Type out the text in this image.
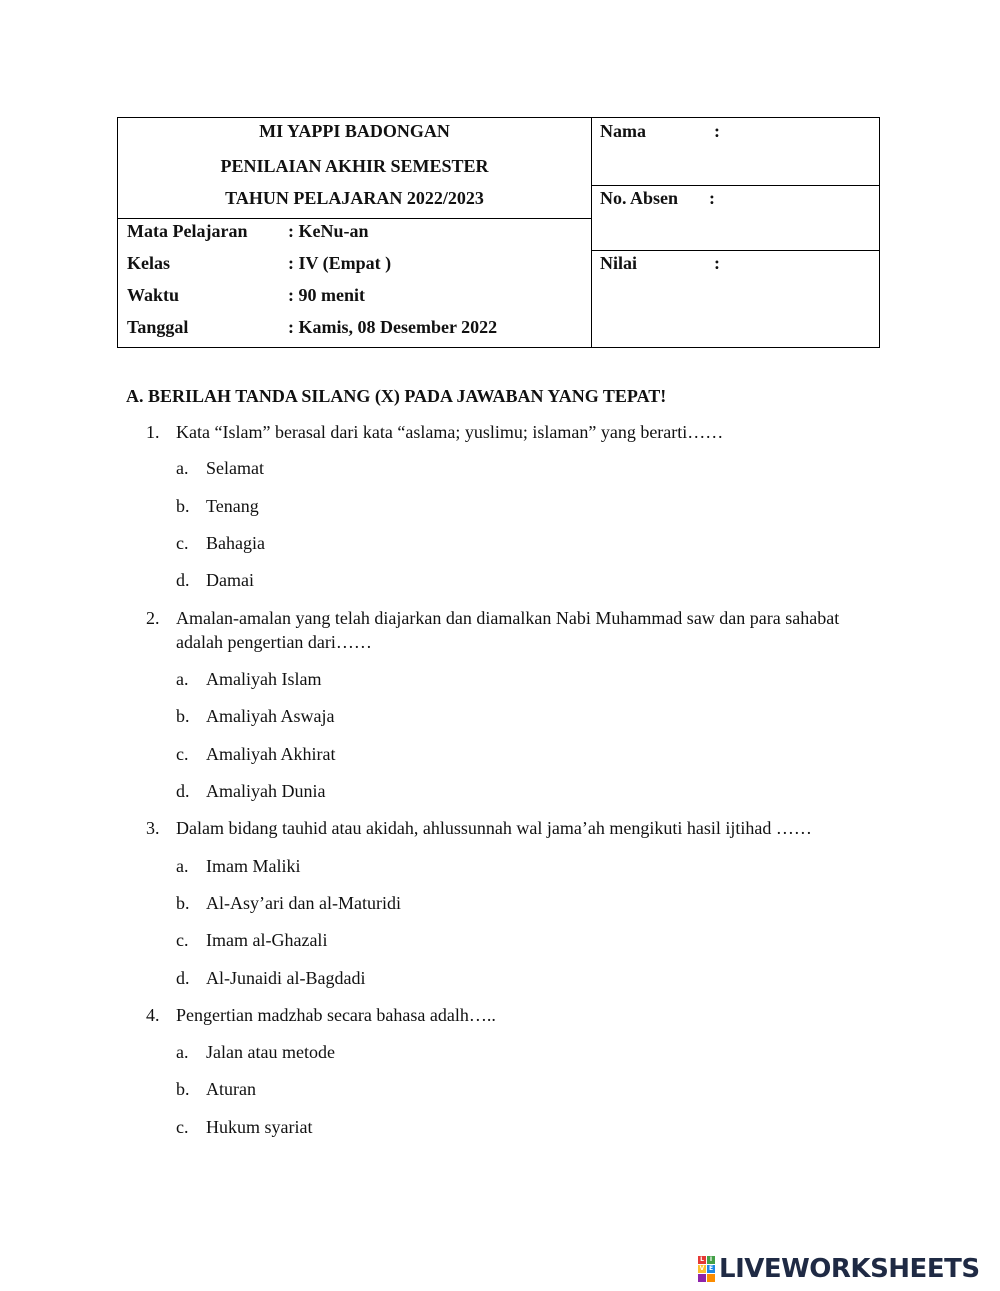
MI YAPPI BADONGAN
PENILAIAN AKHIR SEMESTER
TAHUN PELAJARAN 2022/2023
Mata Pelajaran : KeNu-an
Kelas	: IV (Empat )
Waktu	: 90 menit
Tanggal	: Kamis, 08 Desember 2022
Nama	:
No. Absen :
Nilai	:
A. BERILAH TANDA SILANG (X) PADA JAWABAN YANG TEPAT!
1. Kata “Islam” berasal dari kata “aslama; yuslimu; islaman” yang berarti……
a. Selamat
b. Tenang
c. Bahagia
d. Damai
2. Amalan-amalan yang telah diajarkan dan diamalkan Nabi Muhammad saw dan para sahabat adalah pengertian dari……
a. Amaliyah Islam
b. Amaliyah Aswaja
c. Amaliyah Akhirat
d. Amaliyah Dunia
3. Dalam bidang tauhid atau akidah, ahlussunnah wal jama’ah mengikuti hasil ijtihad ……
a. Imam Maliki
b. Al-Asy’ari dan al-Maturidi
c. Imam al-Ghazali
d. Al-Junaidi al-Bagdadi
4. Pengertian madzhab secara bahasa adalh…..
a. Jalan atau metode
b. Aturan
c. Hukum syariat
L I
V E LIVEWORKSHEETS
